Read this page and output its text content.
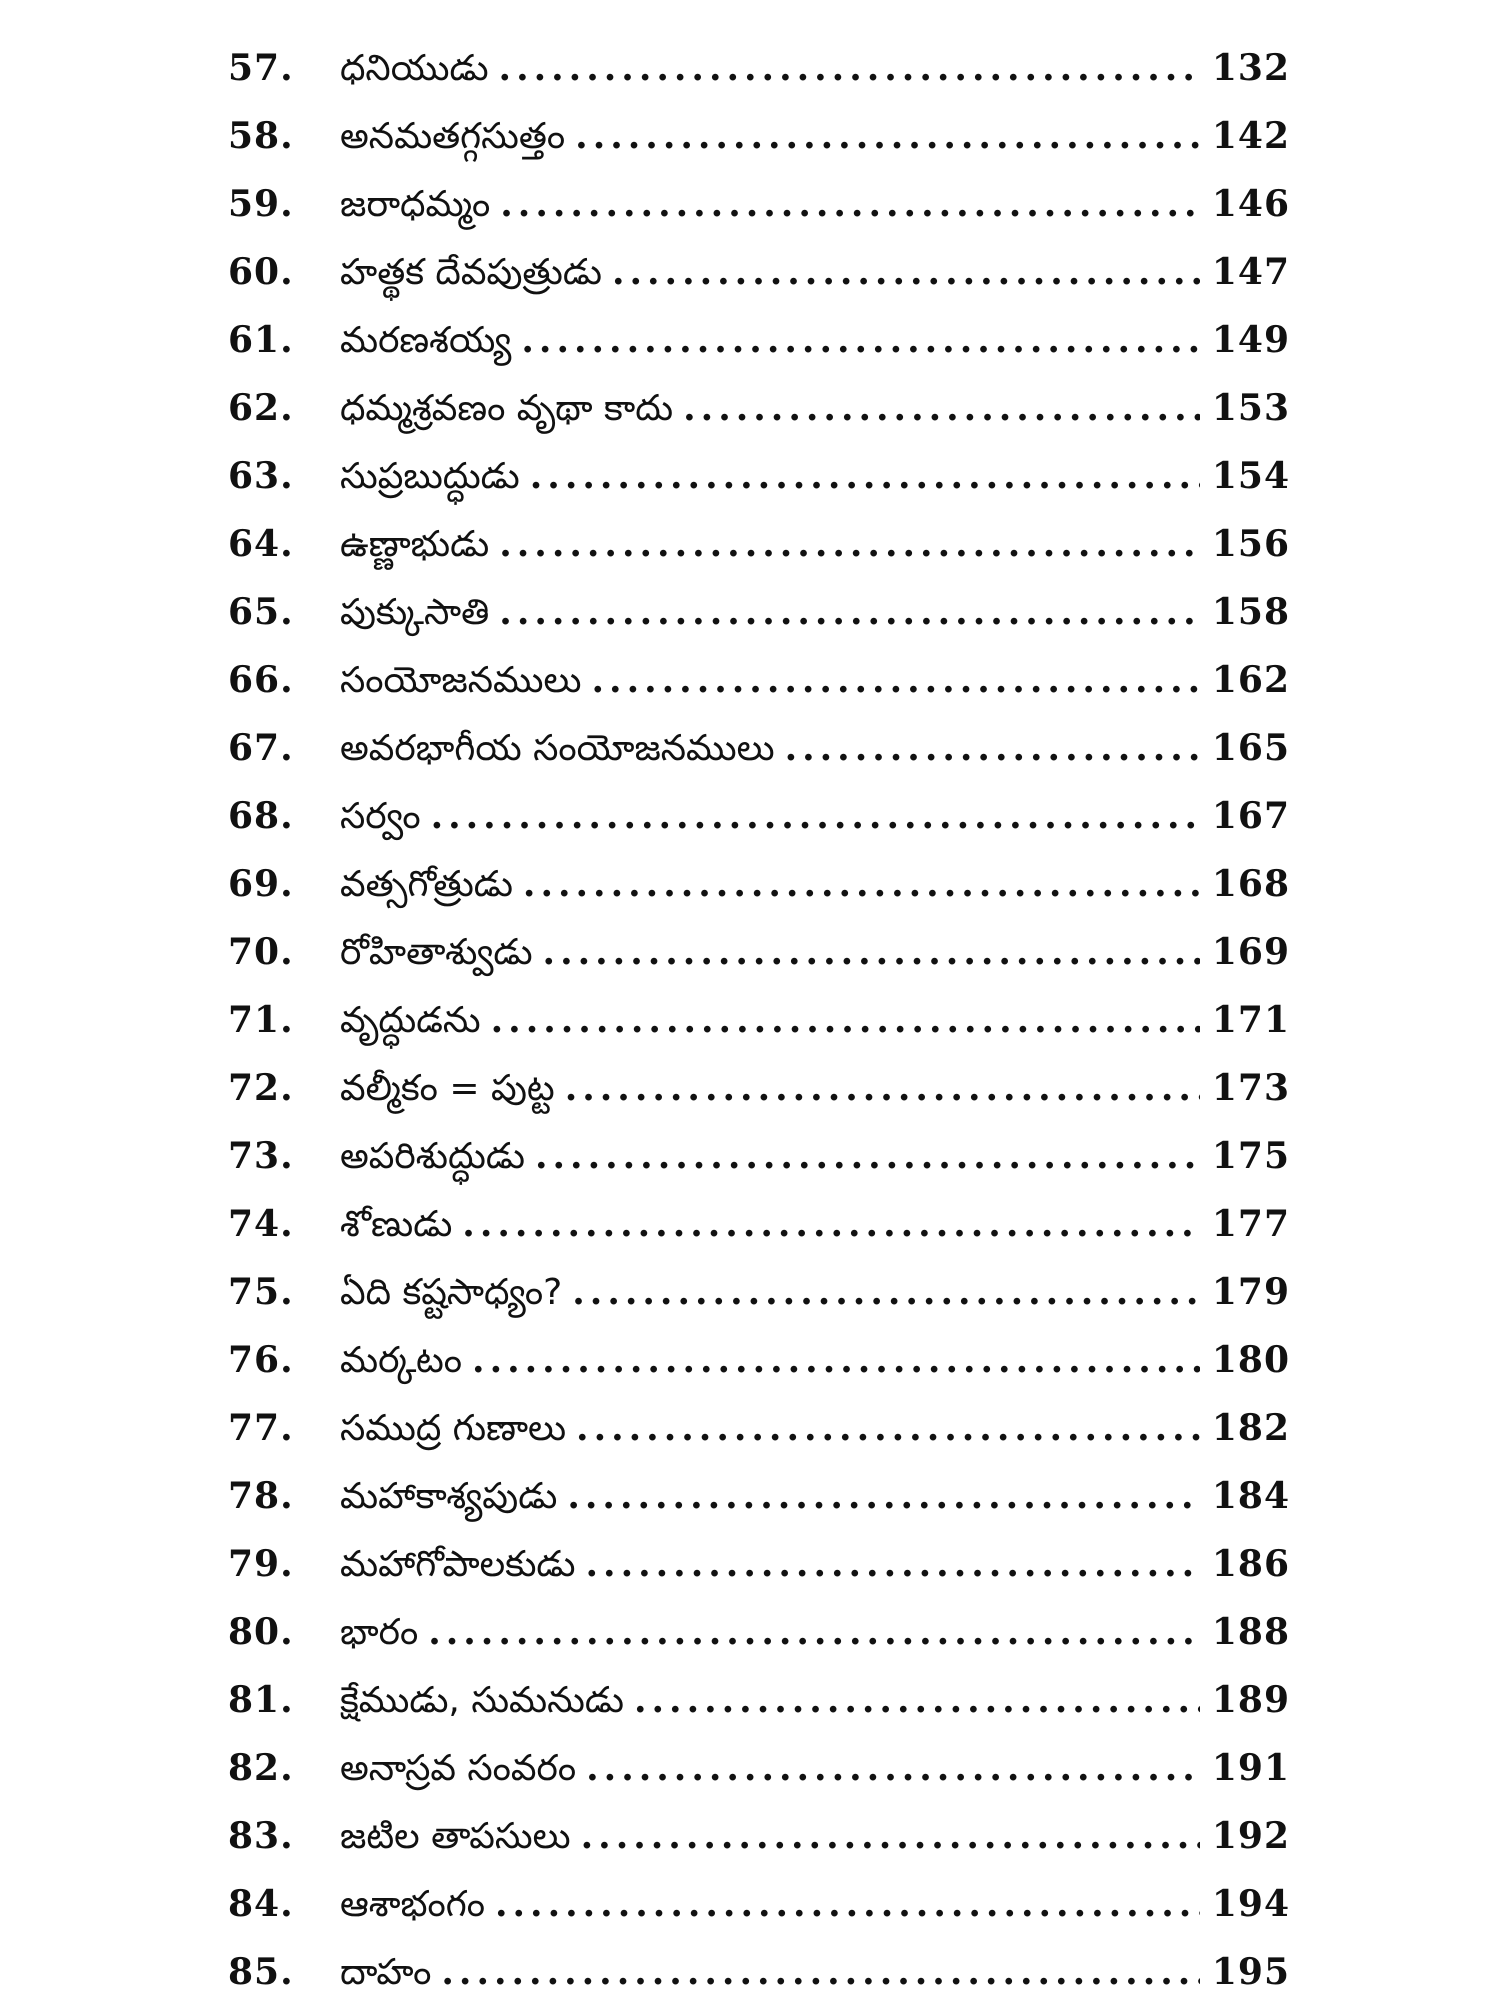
57.	ధనియుడు .....	132
58.	అనమతగ్గసుత్తం .....	142
59.	జరాధమ్మం .....	146
60.	హత్థక దేవపుత్రుడు .....	147
61.	మరణశయ్య .....	149
62.	ధమ్మశ్రవణం వృథా కాదు .....	153
63.	సుప్రబుద్ధుడు .....	154
64.	ఉణ్ణాభుడు .....	156
65.	పుక్కుసాతి .....	158
66.	సంయోజనములు .....	162
67.	అవరభాగీయ సంయోజనములు .....	165
68.	సర్వం .....	167
69.	వత్సగోత్రుడు .....	168
70.	రోహితాశ్వుడు .....	169
71.	వృద్ధుడను .....	171
72.	వల్మీకం = పుట్ట .....	173
73.	అపరిశుద్ధుడు .....	175
74.	శోణుడు .....	177
75.	ఏది కష్టసాధ్యం? .....	179
76.	మర్కటం .....	180
77.	సముద్ర గుణాలు .....	182
78.	మహాకాశ్యపుడు .....	184
79.	మహాగోపాలకుడు .....	186
80.	భారం .....	188
81.	క్షేముడు, సుమనుడు .....	189
82.	అనాస్రవ సంవరం .....	191
83.	జటిల తాపసులు .....	192
84.	ఆశాభంగం .....	194
85.	దాహం .....	195
